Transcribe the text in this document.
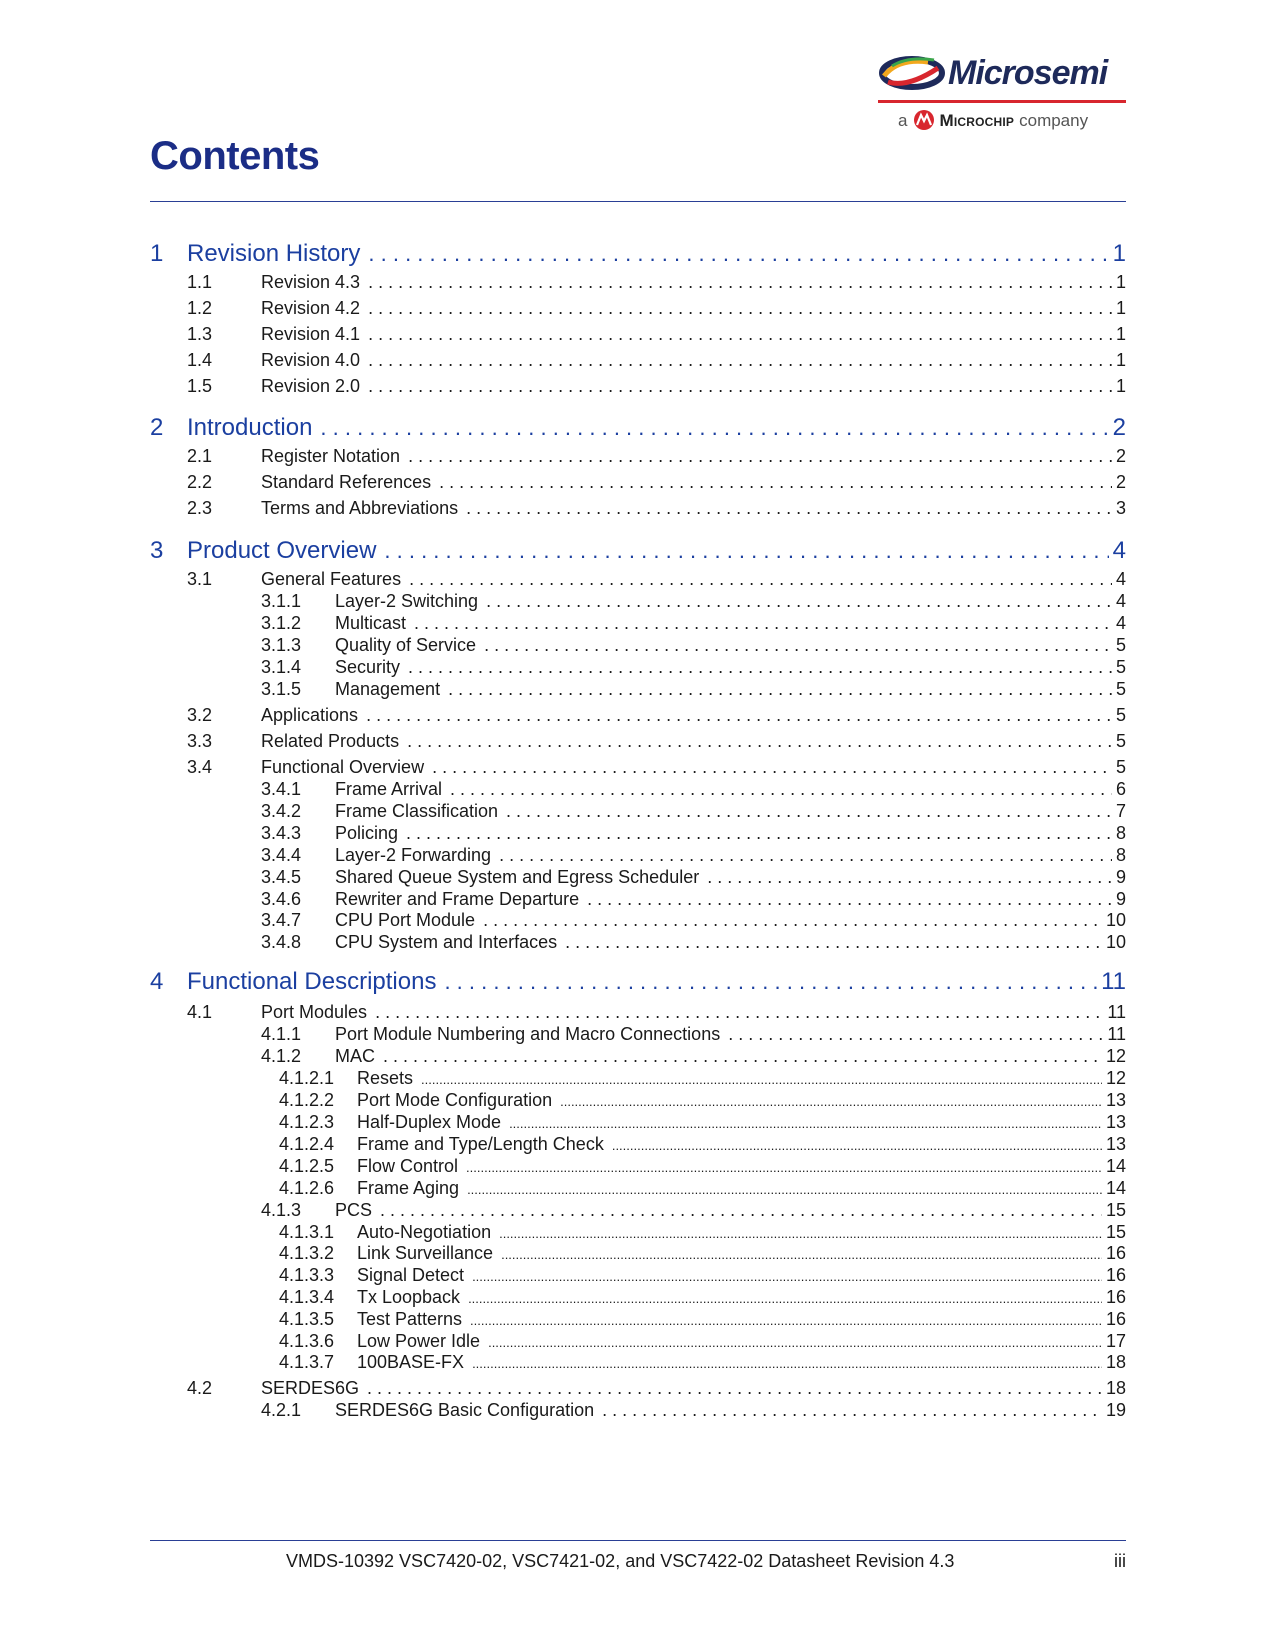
Microsemi
a Microchip company
Contents
1 Revision History . . .	1
1.1	Revision 4.3 . . .	1
1.2	Revision 4.2 . . .	1
1.3	Revision 4.1 . . .	1
1.4	Revision 4.0 . . .	1
1.5	Revision 2.0 . . .	1
2 Introduction . . .	2
2.1	Register Notation . . .	2
2.2	Standard References . . .	2
2.3	Terms and Abbreviations . . .	3
3 Product Overview . . .	4
3.1	General Features . . .	4
3.1.1	Layer-2 Switching . . .	4
3.1.2	Multicast . . .	4
3.1.3	Quality of Service . . .	5
3.1.4	Security . . .	5
3.1.5	Management . . .	5
3.2	Applications . . .	5
3.3	Related Products . . .	5
3.4	Functional Overview . . .	5
3.4.1	Frame Arrival . . .	6
3.4.2	Frame Classification . . .	7
3.4.3	Policing . . .	8
3.4.4	Layer-2 Forwarding . . .	8
3.4.5	Shared Queue System and Egress Scheduler . . .	9
3.4.6	Rewriter and Frame Departure . . .	9
3.4.7	CPU Port Module . . .	10
3.4.8	CPU System and Interfaces . . .	10
4 Functional Descriptions . . .	11
4.1	Port Modules . . .	11
4.1.1	Port Module Numbering and Macro Connections . . .	11
4.1.2	MAC . . .	12
4.1.2.1	Resets .....	12
4.1.2.2	Port Mode Configuration .....	13
4.1.2.3	Half-Duplex Mode .....	13
4.1.2.4	Frame and Type/Length Check .....	13
4.1.2.5	Flow Control .....	14
4.1.2.6	Frame Aging .....	14
4.1.3	PCS . . .	15
4.1.3.1	Auto-Negotiation .....	15
4.1.3.2	Link Surveillance .....	16
4.1.3.3	Signal Detect .....	16
4.1.3.4	Tx Loopback .....	16
4.1.3.5	Test Patterns .....	16
4.1.3.6	Low Power Idle .....	17
4.1.3.7	100BASE-FX .....	18
4.2	SERDES6G . . .	18
4.2.1	SERDES6G Basic Configuration . . .	19
VMDS-10392 VSC7420-02, VSC7421-02, and VSC7422-02 Datasheet Revision 4.3	iii
